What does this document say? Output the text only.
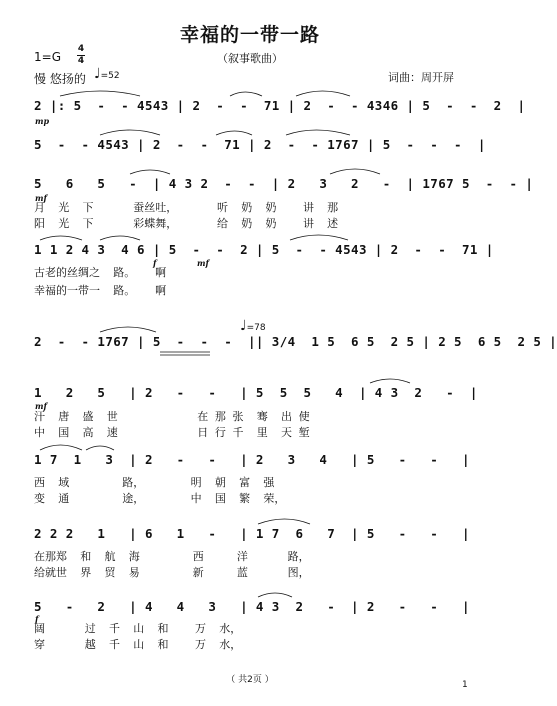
幸福的一带一路
（叙事歌曲）
1=G
4
4
慢 悠扬的 ♩=52	词曲：周开屏
2 |: 5  -  - 4543 | 2  -  -  71 | 2  -  - 4346 | 5  -  -  2  |
mp
5  -  - 4543 | 2  -  -  71 | 2  -  - 1767 | 5  -  -  -  |
5   6   5   -  | 4 3 2  -  -  | 2   3   2   -  | 1767 5  -  - |
mf
月  光  下      蚕丝吐，      听  奶  奶    讲  那
阳  光  下      彩蝶舞，      给  奶  奶    讲  述
1 1 2 4 3  4 6 | 5  -  -  2 | 5  -  - 4543 | 2  -  -  71 |
f	mf
古老的丝绸之  路。   啊
幸福的一带一  路。   啊
♩=78
2  -  - 1767 | 5  -  -  -  || 3/4  1 5  6 5  2 5 | 2 5  6 5  2 5 |
1   2   5   | 2   -   -   | 5  5  5   4  | 4 3  2   -  |
mf
汗  唐  盛  世            在 那 张  骞  出 使
中  国  高  速            日 行 千  里  天 堑
1 7  1   3  | 2   -   -   | 2   3   4   | 5   -   -   |
西  域        路，       明  朝  富  强
变  通        途，       中  国  繁  荣，
2 2 2   1   | 6   1   -   | 1 7  6   7  | 5   -   -   |
在那郑  和  航  海        西     洋      路，
给就世  界  贸  易        新     蓝      图，
5   -   2   | 4   4   3   | 4 3  2   -  | 2   -   -   |
f
阔      过  千  山  和    万  水，
穿      越  千  山  和    万  水，
（ 共2页 ）	1
